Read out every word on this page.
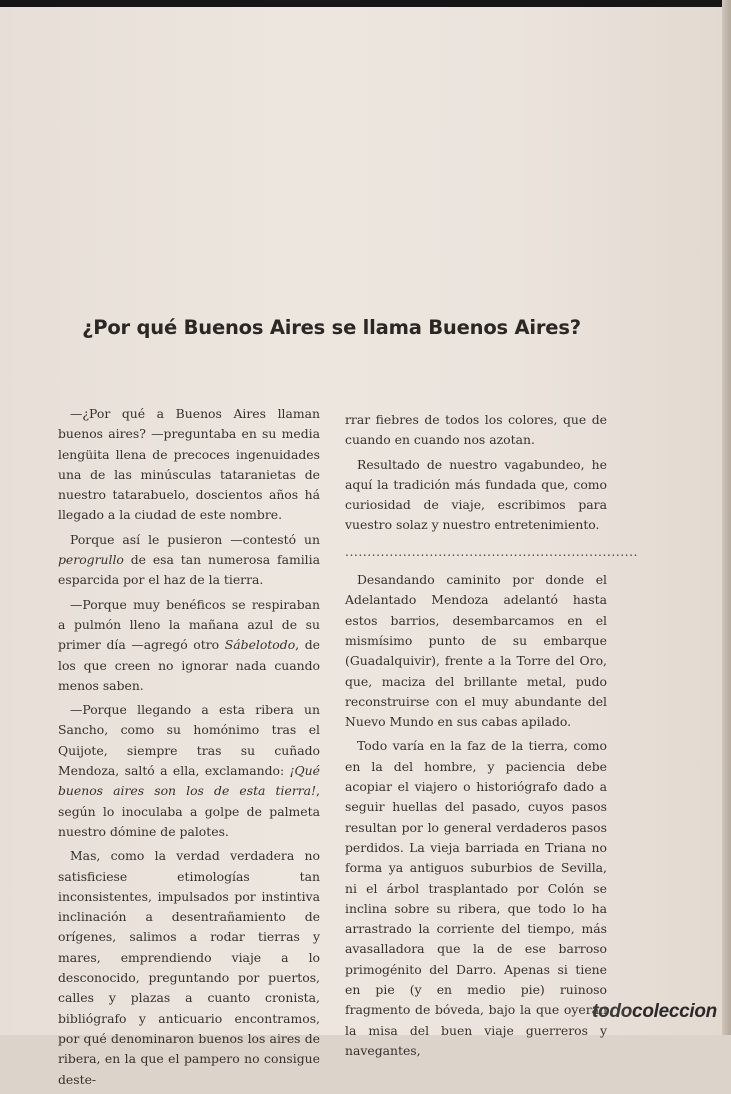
¿Por qué Buenos Aires se llama Buenos Aires?

—¿Por qué a Buenos Aires llaman buenos aires? —preguntaba en su media lengüita llena de precoces ingenuidades una de las minúsculas tataranietas de nuestro tatarabuelo, doscientos años há llegado a la ciudad de este nombre.

Porque así le pusieron —contestó un perogrullo de esa tan numerosa familia esparcida por el haz de la tierra.

—Porque muy benéficos se respiraban a pulmón lleno la mañana azul de su primer día —agregó otro Sábelotodo, de los que creen no ignorar nada cuando menos saben.

—Porque llegando a esta ribera un Sancho, como su homónimo tras el Quijote, siempre tras su cuñado Mendoza, saltó a ella, exclamando: ¡Qué buenos aires son los de esta tierra!, según lo inoculaba a golpe de palmeta nuestro dómine de palotes.

Mas, como la verdad verdadera no satisficiese etimologías tan inconsistentes, impulsados por instintiva inclinación a desentrañamiento de orígenes, salimos a rodar tierras y mares, emprendiendo viaje a lo desconocido, preguntando por puertos, calles y plazas a cuanto cronista, bibliógrafo y anticuario encontramos, por qué denominaron buenos los aires de ribera, en la que el pampero no consigue deste-

rrar fiebres de todos los colores, que de cuando en cuando nos azotan.

Resultado de nuestro vagabundeo, he aquí la tradición más fundada que, como curiosidad de viaje, escribimos para vuestro solaz y nuestro entretenimiento.

..................................................................

Desandando caminito por donde el Adelantado Mendoza adelantó hasta estos barrios, desembarcamos en el mismísimo punto de su embarque (Guadalquivir), frente a la Torre del Oro, que, maciza del brillante metal, pudo reconstruirse con el muy abundante del Nuevo Mundo en sus cabas apilado.

Todo varía en la faz de la tierra, como en la del hombre, y paciencia debe acopiar el viajero o historiógrafo dado a seguir huellas del pasado, cuyos pasos resultan por lo general verdaderos pasos perdidos. La vieja barriada en Triana no forma ya antiguos suburbios de Sevilla, ni el árbol trasplantado por Colón se inclina sobre su ribera, que todo lo ha arrastrado la corriente del tiempo, más avasalladora que la de ese barroso primogénito del Darro. Apenas si tiene en pie (y en medio pie) ruinoso fragmento de bóveda, bajo la que oyeran la misa del buen viaje guerreros y navegantes,

todocoleccion
